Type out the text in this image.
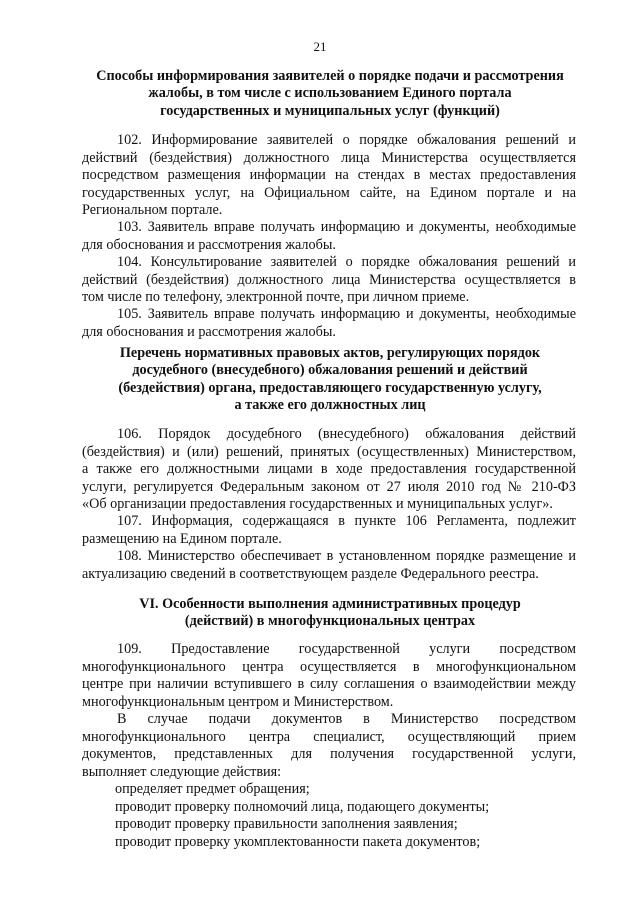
21
Способы информирования заявителей о порядке подачи и рассмотрения
жалобы, в том числе с использованием Единого портала
государственных и муниципальных услуг (функций)
102. Информирование заявителей о порядке обжалования решений и
действий (бездействия) должностного лица Министерства осуществляется
посредством размещения информации на стендах в местах предоставления
государственных услуг, на Официальном сайте, на Едином портале и на
Региональном портале.
103. Заявитель вправе получать информацию и документы, необходимые
для обоснования и рассмотрения жалобы.
104. Консультирование заявителей о порядке обжалования решений и
действий (бездействия) должностного лица Министерства осуществляется в
том числе по телефону, электронной почте, при личном приеме.
105. Заявитель вправе получать информацию и документы, необходимые
для обоснования и рассмотрения жалобы.
Перечень нормативных правовых актов, регулирующих порядок
досудебного (внесудебного) обжалования решений и действий
(бездействия) органа, предоставляющего государственную услугу,
а также его должностных лиц
106. Порядок досудебного (внесудебного) обжалования действий
(бездействия) и (или) решений, принятых (осуществленных) Министерством,
а также его должностными лицами в ходе предоставления государственной
услуги, регулируется Федеральным законом от 27 июля 2010 год № 210-ФЗ
«Об организации предоставления государственных и муниципальных услуг».
107. Информация, содержащаяся в пункте 106 Регламента, подлежит
размещению на Едином портале.
108. Министерство обеспечивает в установленном порядке размещение и
актуализацию сведений в соответствующем разделе Федерального реестра.
VI. Особенности выполнения административных процедур
(действий) в многофункциональных центрах
109. Предоставление государственной услуги посредством
многофункционального центра осуществляется в многофункциональном
центре при наличии вступившего в силу соглашения о взаимодействии между
многофункциональным центром и Министерством.
В случае подачи документов в Министерство посредством
многофункционального центра специалист, осуществляющий прием
документов, представленных для получения государственной услуги,
выполняет следующие действия:
определяет предмет обращения;
проводит проверку полномочий лица, подающего документы;
проводит проверку правильности заполнения заявления;
проводит проверку укомплектованности пакета документов;
